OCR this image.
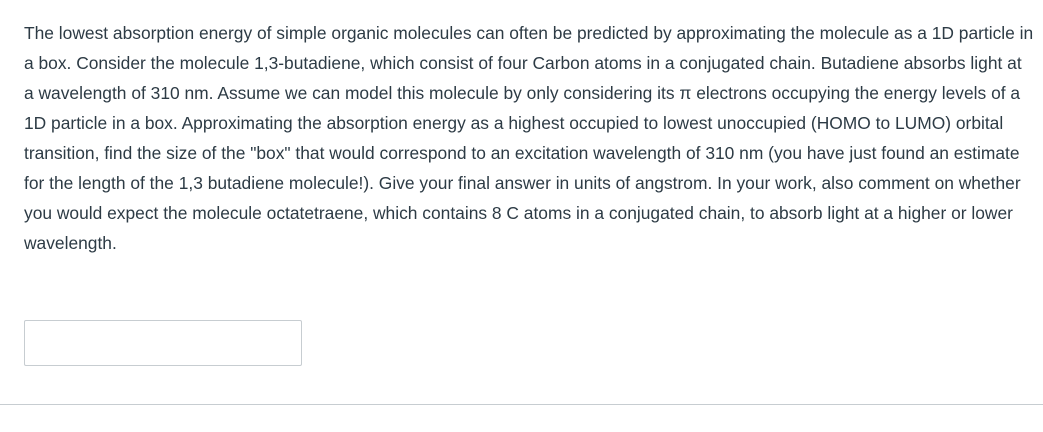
The lowest absorption energy of simple organic molecules can often be predicted by approximating the molecule as a 1D particle in a box. Consider the molecule 1,3-butadiene, which consist of four Carbon atoms in a conjugated chain. Butadiene absorbs light at a wavelength of 310 nm. Assume we can model this molecule by only considering its π electrons occupying the energy levels of a 1D particle in a box. Approximating the absorption energy as a highest occupied to lowest unoccupied (HOMO to LUMO) orbital transition, find the size of the "box" that would correspond to an excitation wavelength of 310 nm (you have just found an estimate for the length of the 1,3 butadiene molecule!). Give your final answer in units of angstrom. In your work, also comment on whether you would expect the molecule octatetraene, which contains 8 C atoms in a conjugated chain, to absorb light at a higher or lower wavelength.
